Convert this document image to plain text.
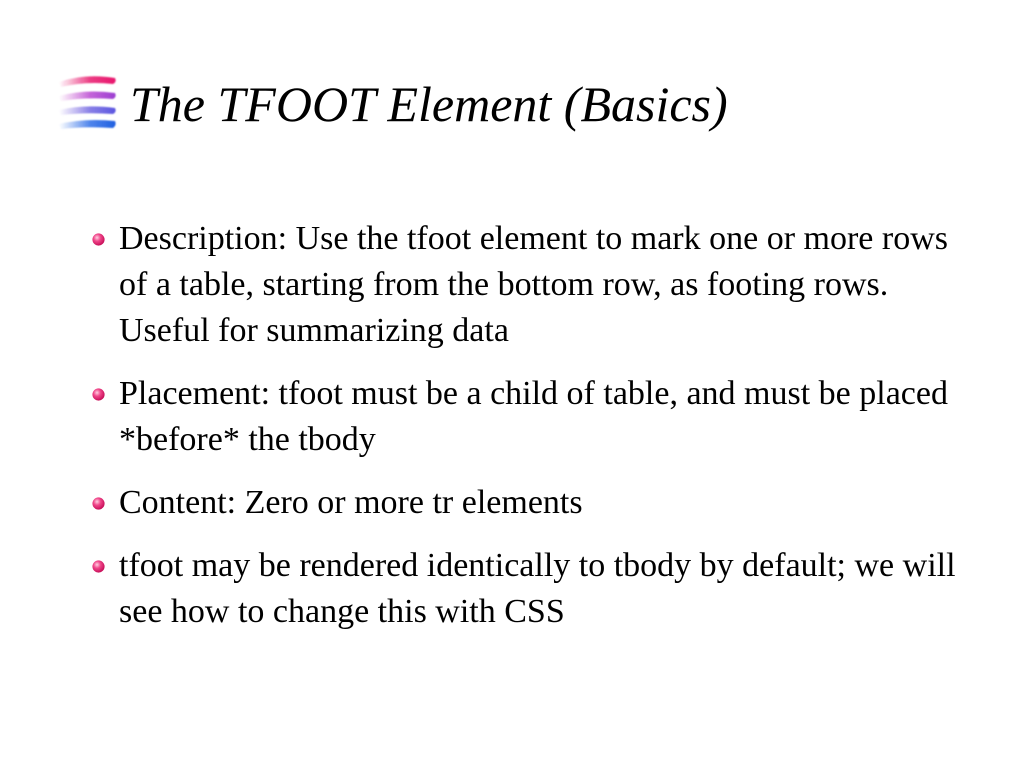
The TFOOT Element (Basics)
Description: Use the tfoot element to mark one or more rows of a table, starting from the bottom row, as footing rows. Useful for summarizing data
Placement: tfoot must be a child of table, and must be placed *before* the tbody
Content: Zero or more tr elements
tfoot may be rendered identically to tbody by default; we will see how to change this with CSS
